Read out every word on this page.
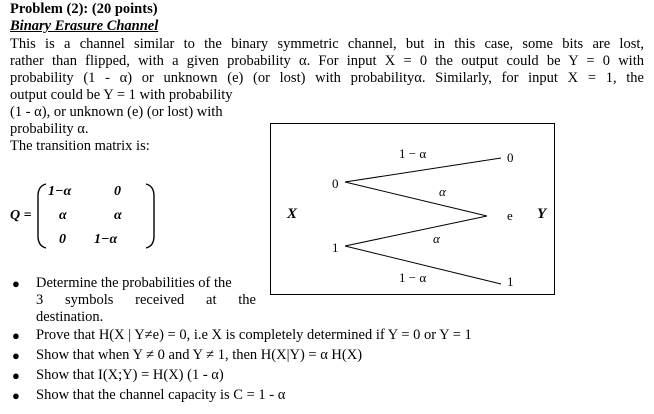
Problem (2): (20 points)
Binary Erasure Channel
This is a channel similar to the binary symmetric channel, but in this case, some bits are lost,
rather than flipped, with a given probability α. For input X = 0 the output could be Y = 0 with
probability (1 - α) or unknown (e) (or lost) with probabilityα. Similarly, for input X = 1, the
output could be Y = 1 with probability
(1 - α), or unknown (e) (or lost) with
probability α.
The transition matrix is:
Q =
1−α	0
α	α
0 1−α
X
0
1
1 − α
α
α
1 − α
0
e Y
1
● Determine the probabilities of the
3 symbols received at the
destination.
● Prove that H(X | Y≠e) = 0, i.e X is completely determined if Y = 0 or Y = 1
● Show that when Y ≠ 0 and Y ≠ 1, then H(X|Y) = α H(X)
● Show that I(X;Y) = H(X) (1 - α)
● Show that the channel capacity is C = 1 - α
